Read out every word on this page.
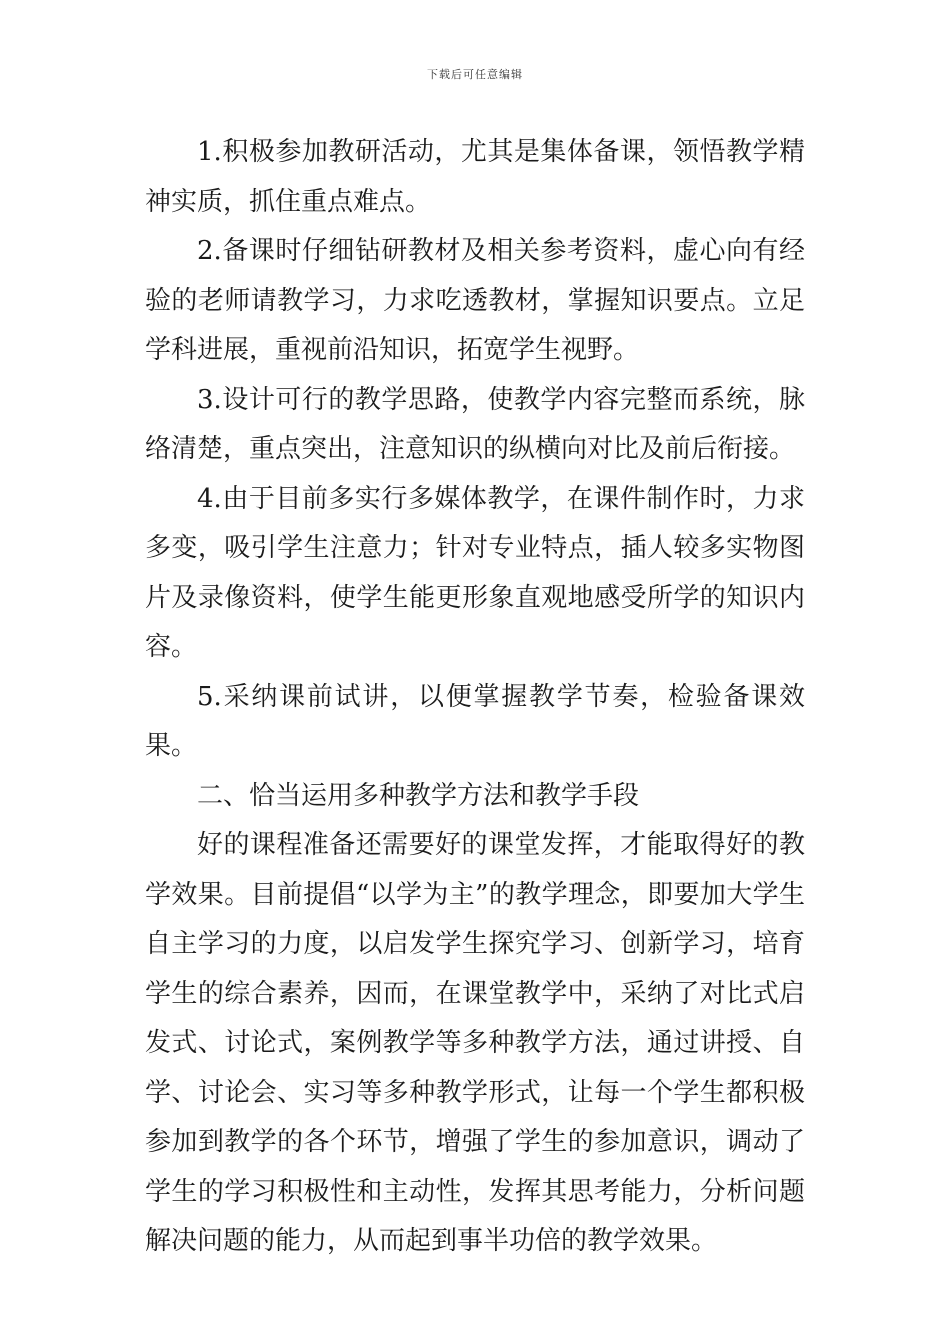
下载后可任意编辑

1.积极参加教研活动，尤其是集体备课，领悟教学精神实质，抓住重点难点。

2.备课时仔细钻研教材及相关参考资料，虚心向有经验的老师请教学习，力求吃透教材，掌握知识要点。立足学科进展，重视前沿知识，拓宽学生视野。

3.设计可行的教学思路，使教学内容完整而系统，脉络清楚，重点突出，注意知识的纵横向对比及前后衔接。

4.由于目前多实行多媒体教学，在课件制作时，力求多变，吸引学生注意力；针对专业特点，插人较多实物图片及录像资料，使学生能更形象直观地感受所学的知识内容。

5.采纳课前试讲，以便掌握教学节奏，检验备课效果。

二、恰当运用多种教学方法和教学手段

好的课程准备还需要好的课堂发挥，才能取得好的教学效果。目前提倡“以学为主”的教学理念，即要加大学生自主学习的力度，以启发学生探究学习、创新学习，培育学生的综合素养，因而，在课堂教学中，采纳了对比式启发式、讨论式，案例教学等多种教学方法，通过讲授、自学、讨论会、实习等多种教学形式，让每一个学生都积极参加到教学的各个环节，增强了学生的参加意识，调动了学生的学习积极性和主动性，发挥其思考能力，分析问题解决问题的能力，从而起到事半功倍的教学效果。
